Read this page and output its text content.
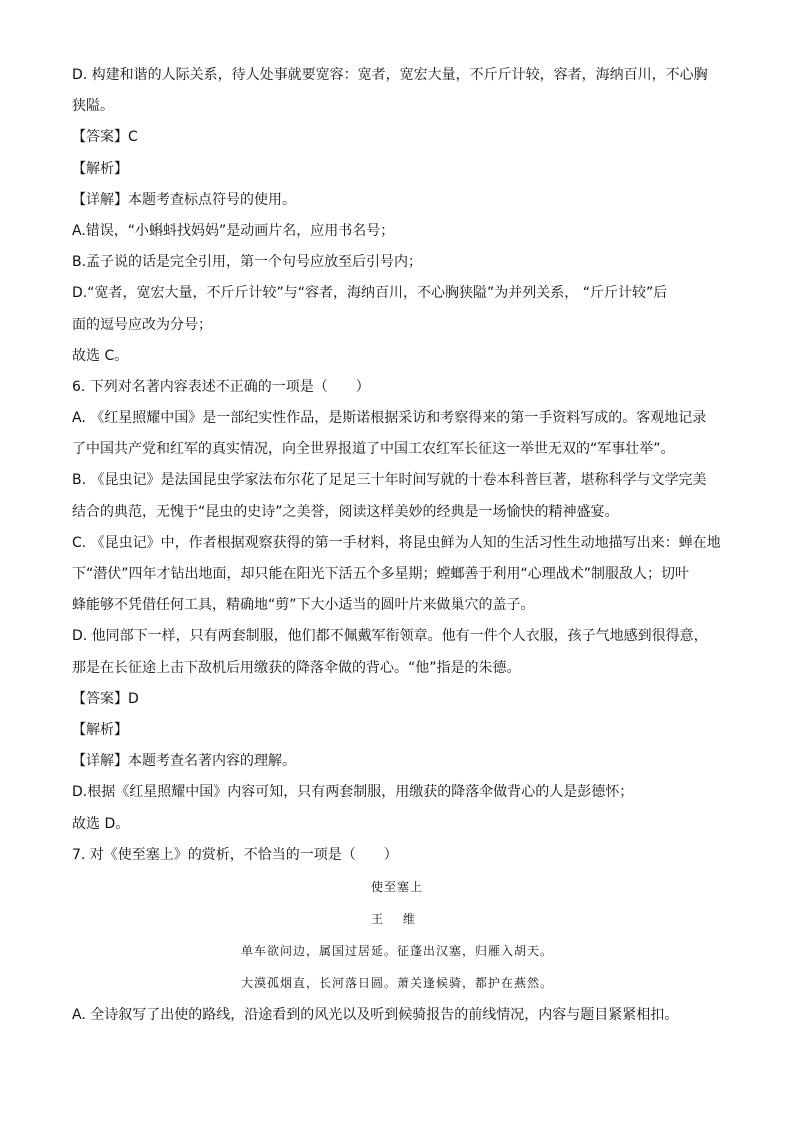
D. 构建和谐的人际关系，待人处事就要宽容：宽者，宽宏大量，不斤斤计较，容者，海纳百川，不心胸
狭隘。
【答案】C
【解析】
【详解】本题考查标点符号的使用。
A.错误，“小蝌蚪找妈妈”是动画片名，应用书名号；
B.孟子说的话是完全引用，第一个句号应放至后引号内；
D.“宽者，宽宏大量，不斤斤计较”与“容者，海纳百川，不心胸狭隘”为并列关系， “斤斤计较”后
面的逗号应改为分号；
故选 C。
6. 下列对名著内容表述不正确的一项是（　　）
A. 《红星照耀中国》是一部纪实性作品，是斯诺根据采访和考察得来的第一手资料写成的。客观地记录
了中国共产党和红军的真实情况，向全世界报道了中国工农红军长征这一举世无双的“军事壮举”。
B. 《昆虫记》是法国昆虫学家法布尔花了足足三十年时间写就的十卷本科普巨著，堪称科学与文学完美
结合的典范，无愧于“昆虫的史诗”之美誉，阅读这样美妙的经典是一场愉快的精神盛宴。
C. 《昆虫记》中，作者根据观察获得的第一手材料，将昆虫鲜为人知的生活习性生动地描写出来：蝉在地
下“潜伏”四年才钻出地面，却只能在阳光下活五个多星期；螳螂善于利用“心理战术”制服敌人；切叶
蜂能够不凭借任何工具，精确地“剪”下大小适当的圆叶片来做巢穴的盖子。
D. 他同部下一样，只有两套制服，他们都不佩戴军衔领章。他有一件个人衣服，孩子气地感到很得意，
那是在长征途上击下敌机后用缴获的降落伞做的背心。“他”指是的朱德。
【答案】D
【解析】
【详解】本题考查名著内容的理解。
D.根据《红星照耀中国》内容可知，只有两套制服，用缴获的降落伞做背心的人是彭德怀；
故选 D。
7. 对《使至塞上》的赏析，不恰当的一项是（　　）
使至塞上
王 维
单车欲问边，属国过居延。征蓬出汉塞，归雁入胡天。
大漠孤烟直，长河落日圆。萧关逢候骑，都护在燕然。
A. 全诗叙写了出使的路线，沿途看到的风光以及听到候骑报告的前线情况，内容与题目紧紧相扣。
